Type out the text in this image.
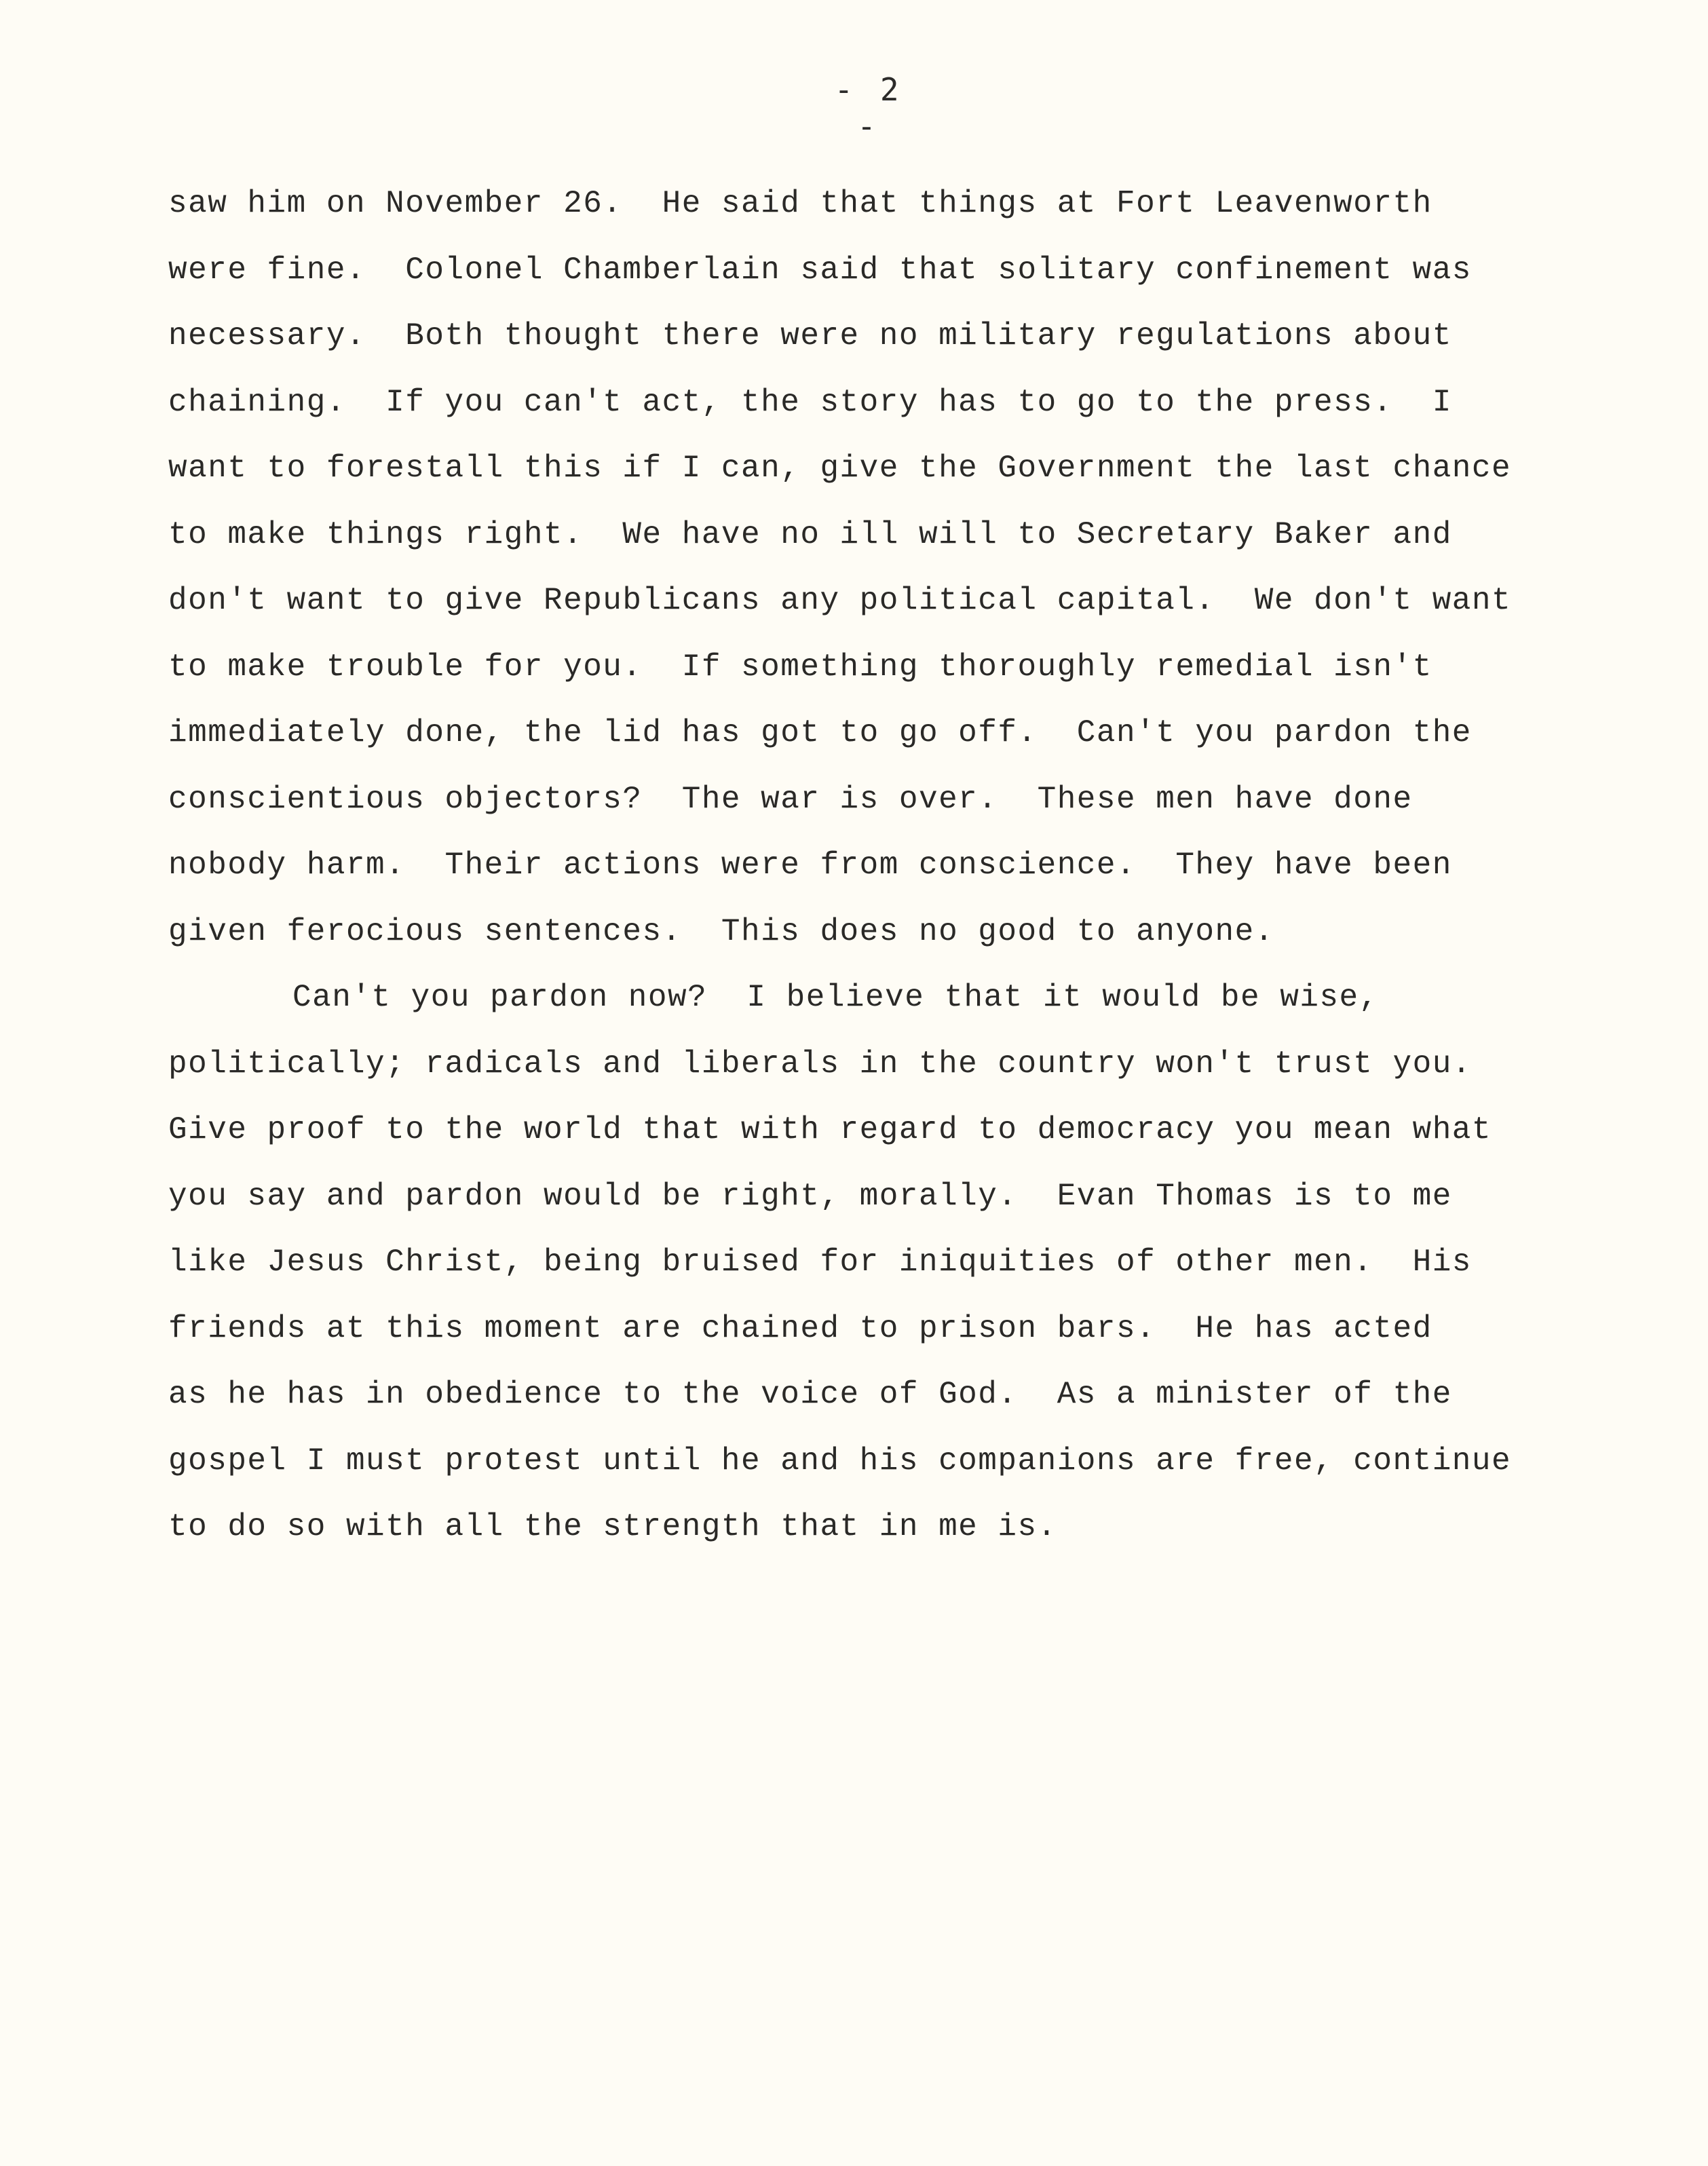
- 2 -
saw him on November 26.  He said that things at Fort Leavenworth
were fine.  Colonel Chamberlain said that solitary confinement was
necessary.  Both thought there were no military regulations about
chaining.  If you can't act, the story has to go to the press.  I
want to forestall this if I can, give the Government the last chance
to make things right.  We have no ill will to Secretary Baker and
don't want to give Republicans any political capital.  We don't want
to make trouble for you.  If something thoroughly remedial isn't
immediately done, the lid has got to go off.  Can't you pardon the
conscientious objectors?  The war is over.  These men have done
nobody harm.  Their actions were from conscience.  They have been
given ferocious sentences.  This does no good to anyone.
Can't you pardon now?  I believe that it would be wise,
politically; radicals and liberals in the country won't trust you.
Give proof to the world that with regard to democracy you mean what
you say and pardon would be right, morally.  Evan Thomas is to me
like Jesus Christ, being bruised for iniquities of other men.  His
friends at this moment are chained to prison bars.  He has acted
as he has in obedience to the voice of God.  As a minister of the
gospel I must protest until he and his companions are free, continue
to do so with all the strength that in me is.
